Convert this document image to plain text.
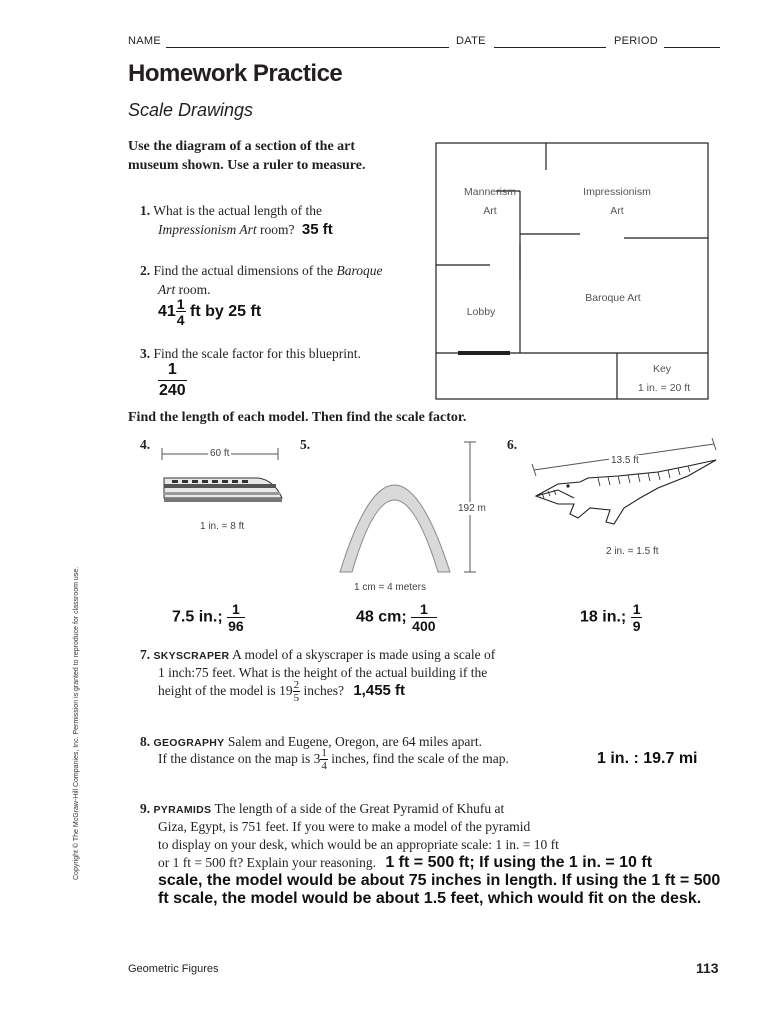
NAME	DATE	PERIOD
Homework Practice
Scale Drawings
Use the diagram of a section of the art museum shown. Use a ruler to measure.
Mannerism
Art
Impressionism
Art
Baroque Art
Lobby
Key
1 in. = 20 ft
1. What is the actual length of the
Impressionism Art room? 35 ft
2. Find the actual dimensions of the Baroque
Art room.
$41 \frac{1}{4}$ ft by 25 ft
3. Find the scale factor for this blueprint.
$\frac{1}{240}$
Find the length of each model. Then find the scale factor.
4.	5.	6.
60 ft
1 in. = 8 ft
192 m
1 cm = 4 meters
13.5 ft
2 in. = 1.5 ft
7.5 in.; $\frac{1}{96}$	48 cm; $\frac{1}{400}$	18 in.; $\frac{1}{9}$
7. SKYSCRAPER A model of a skyscraper is made using a scale of
1 inch:75 feet. What is the height of the actual building if the
height of the model is $19 \frac{2}{5}$ inches? 1,455 ft
8. GEOGRAPHY Salem and Eugene, Oregon, are 64 miles apart.
If the distance on the map is $3 \frac{1}{4}$ inches, find the scale of the map.	1 in. : 19.7 mi
9. PYRAMIDS The length of a side of the Great Pyramid of Khufu at
Giza, Egypt, is 751 feet. If you were to make a model of the pyramid
to display on your desk, which would be an appropriate scale: 1 in. = 10 ft
or 1 ft = 500 ft? Explain your reasoning. 1 ft = 500 ft; If using the 1 in. = 10 ft
scale, the model would be about 75 inches in length. If using the 1 ft = 500
ft scale, the model would be about 1.5 feet, which would fit on the desk.
Copyright © The McGraw-Hill Companies, Inc. Permission is granted to reproduce for classroom use.
Geometric Figures	113
